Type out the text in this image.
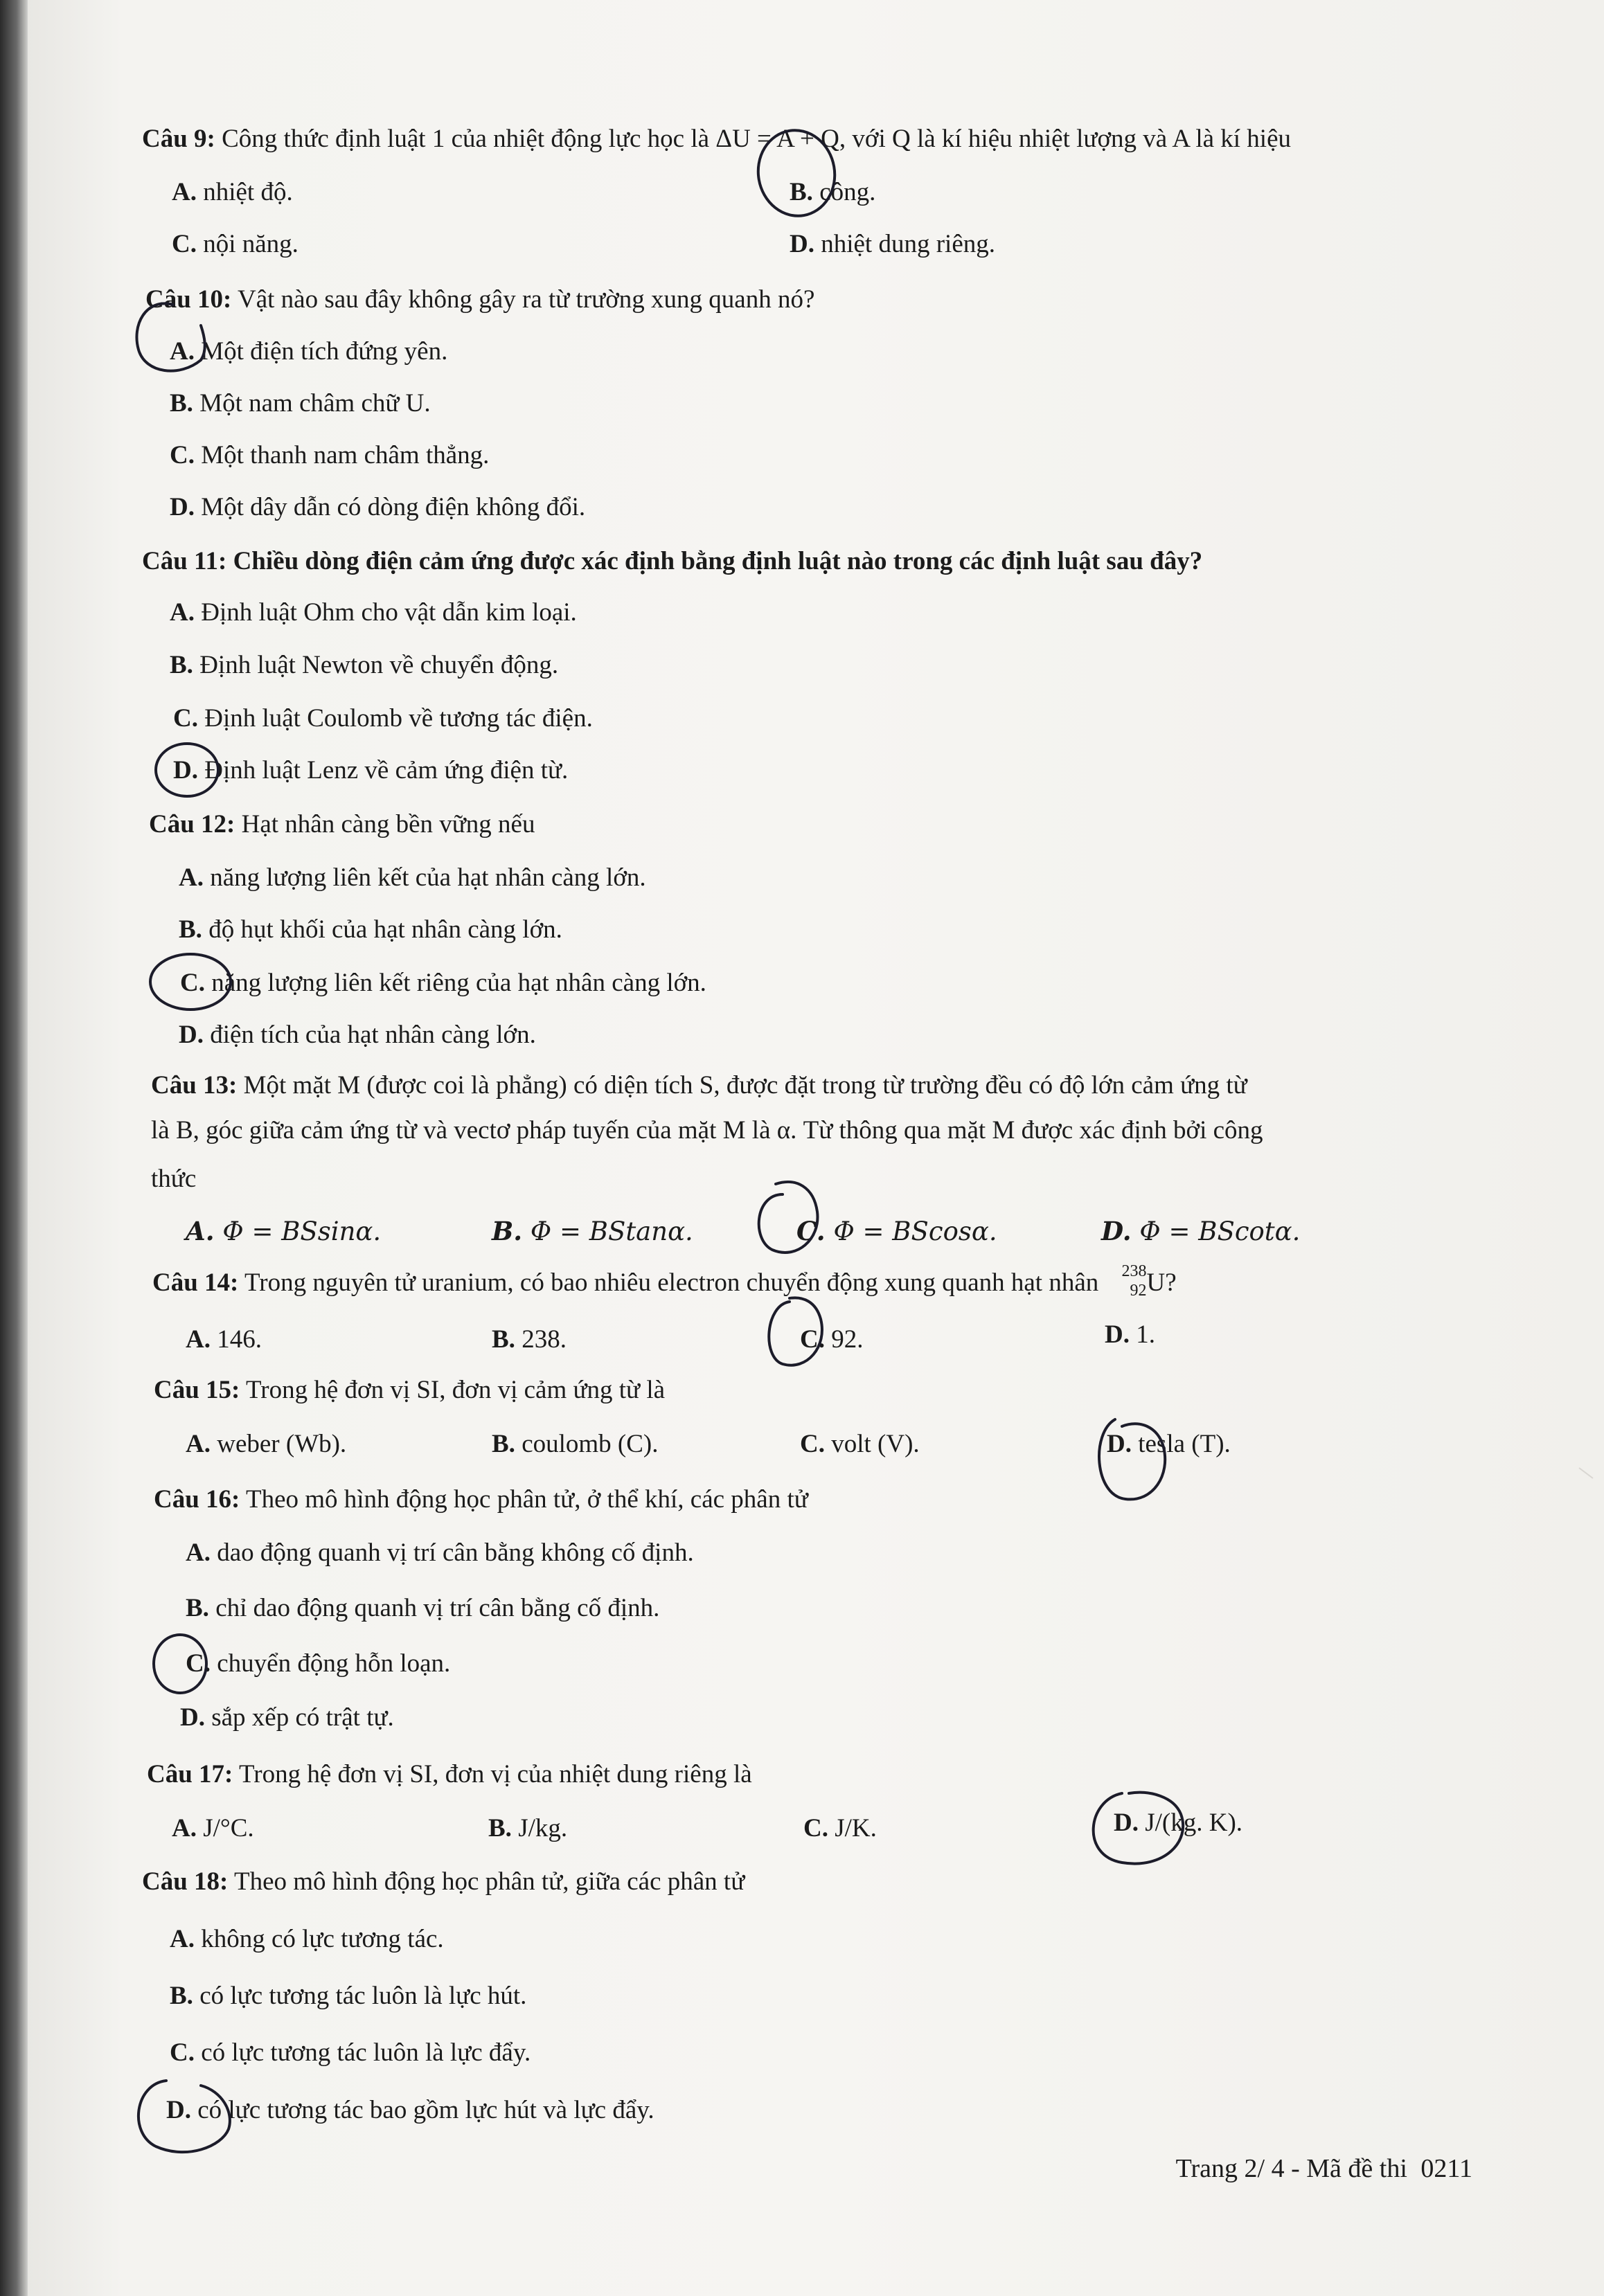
Câu 9: Công thức định luật 1 của nhiệt động lực học là ΔU = A + Q, với Q là kí hiệu nhiệt lượng và A là kí hiệu
A. nhiệt độ.	B. công.
C. nội năng.	D. nhiệt dung riêng.
Câu 10: Vật nào sau đây không gây ra từ trường xung quanh nó?
A. Một điện tích đứng yên.
B. Một nam châm chữ U.
C. Một thanh nam châm thẳng.
D. Một dây dẫn có dòng điện không đổi.
Câu 11: Chiều dòng điện cảm ứng được xác định bằng định luật nào trong các định luật sau đây?
A. Định luật Ohm cho vật dẫn kim loại.
B. Định luật Newton về chuyển động.
C. Định luật Coulomb về tương tác điện.
D. Định luật Lenz về cảm ứng điện từ.
Câu 12: Hạt nhân càng bền vững nếu
A. năng lượng liên kết của hạt nhân càng lớn.
B. độ hụt khối của hạt nhân càng lớn.
C. năng lượng liên kết riêng của hạt nhân càng lớn.
D. điện tích của hạt nhân càng lớn.
Câu 13: Một mặt M (được coi là phẳng) có diện tích S, được đặt trong từ trường đều có độ lớn cảm ứng từ
là B, góc giữa cảm ứng từ và vectơ pháp tuyến của mặt M là α. Từ thông qua mặt M được xác định bởi công
thức
A. Φ = BSsinα.	B. Φ = BStanα.	C. Φ = BScosα.	D. Φ = BScotα.
Câu 14: Trong nguyên tử uranium, có bao nhiêu electron chuyển động xung quanh hạt nhân 238
92 U?
A. 146.	B. 238.	C. 92.	D. 1.
Câu 15: Trong hệ đơn vị SI, đơn vị cảm ứng từ là
A. weber (Wb).	B. coulomb (C).	C. volt (V).	D. tesla (T).
Câu 16: Theo mô hình động học phân tử, ở thể khí, các phân tử
A. dao động quanh vị trí cân bằng không cố định.
B. chỉ dao động quanh vị trí cân bằng cố định.
C. chuyển động hỗn loạn.
D. sắp xếp có trật tự.
Câu 17: Trong hệ đơn vị SI, đơn vị của nhiệt dung riêng là
A. J/°C.	B. J/kg.	C. J/K.	D. J/(kg. K).
Câu 18: Theo mô hình động học phân tử, giữa các phân tử
A. không có lực tương tác.
B. có lực tương tác luôn là lực hút.
C. có lực tương tác luôn là lực đẩy.
D. có lực tương tác bao gồm lực hút và lực đẩy.
Trang 2/ 4 - Mã đề thi 0211
